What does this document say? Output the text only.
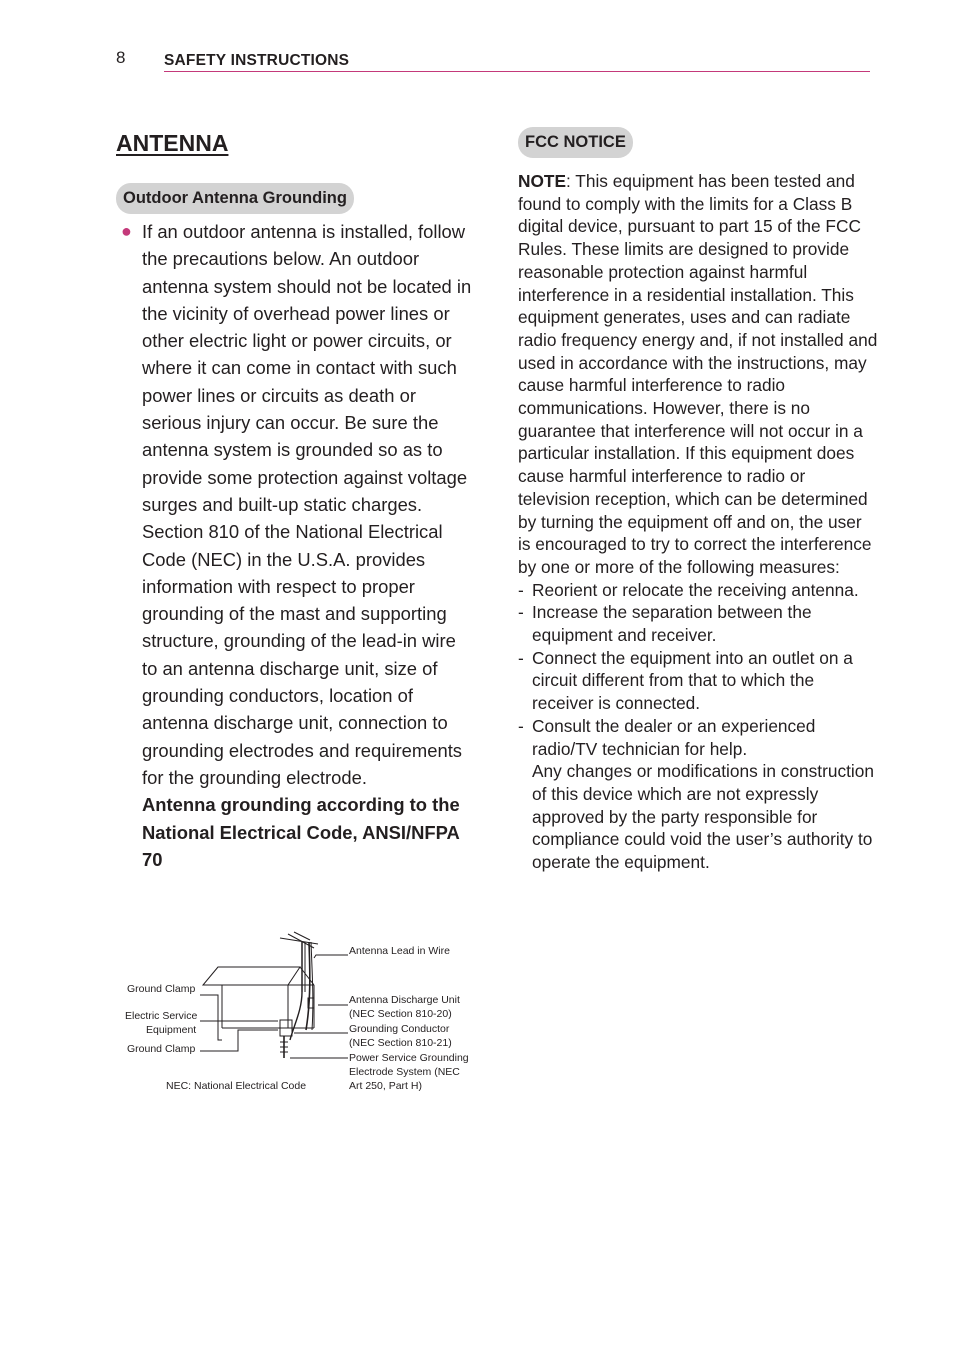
8 SAFETY INSTRUCTIONS
ANTENNA
Outdoor Antenna Grounding
● If an outdoor antenna is installed, follow the precautions below. An outdoor antenna system should not be located in the vicinity of overhead power lines or other electric light or power circuits, or where it can come in contact with such power lines or circuits as death or serious injury can occur. Be sure the antenna system is grounded so as to provide some protection against voltage surges and built-up static charges. Section 810 of the National Electrical Code (NEC) in the U.S.A. provides information with respect to proper grounding of the mast and supporting structure, grounding of the lead-in wire to an antenna discharge unit, size of grounding conductors, location of antenna discharge unit, connection to grounding electrodes and requirements for the grounding electrode.

Antenna grounding according to the National Electrical Code, ANSI/NFPA 70

Antenna Lead in Wire
Ground Clamp
Electric Service
Equipment
Ground Clamp
Antenna Discharge Unit
(NEC Section 810-20)
Grounding Conductor
(NEC Section 810-21)
Power Service Grounding
Electrode System (NEC
Art 250, Part H)
NEC: National Electrical Code
FCC NOTICE

NOTE: This equipment has been tested and found to comply with the limits for a Class B digital device, pursuant to part 15 of the FCC Rules. These limits are designed to provide reasonable protection against harmful interference in a residential installation. This equipment generates, uses and can radiate radio frequency energy and, if not installed and used in accordance with the instructions, may cause harmful interference to radio communications. However, there is no guarantee that interference will not occur in a particular installation. If this equipment does cause harmful interference to radio or television reception, which can be determined by turning the equipment off and on, the user is encouraged to try to correct the interference by one or more of the following measures:

- Reorient or relocate the receiving antenna.
- Increase the separation between the equipment and receiver.
- Connect the equipment into an outlet on a circuit different from that to which the receiver is connected.
- Consult the dealer or an experienced radio/TV technician for help.

Any changes or modifications in construction of this device which are not expressly approved by the party responsible for compliance could void the user’s authority to operate the equipment.
